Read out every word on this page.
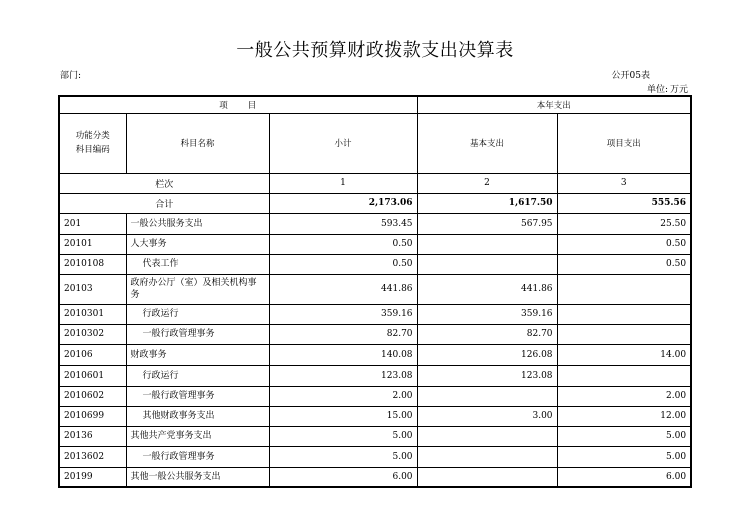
一般公共预算财政拨款支出决算表
部门:	公开05表
单位: 万元
项　　目			本年支出	
功能分类
科目编码	科目名称	小计	基本支出	项目支出
栏次		1	2	3
合计		2,173.06	1,617.50	555.56
201	一般公共服务支出	593.45	567.95	25.50
20101	人大事务	0.50		0.50
2010108	代表工作	0.50		0.50
20103	政府办公厅（室）及相关机构事务	441.86	441.86	
2010301	行政运行	359.16	359.16	
2010302	一般行政管理事务	82.70	82.70	
20106	财政事务	140.08	126.08	14.00
2010601	行政运行	123.08	123.08	
2010602	一般行政管理事务	2.00		2.00
2010699	其他财政事务支出	15.00	3.00	12.00
20136	其他共产党事务支出	5.00		5.00
2013602	一般行政管理事务	5.00		5.00
20199	其他一般公共服务支出	6.00		6.00
